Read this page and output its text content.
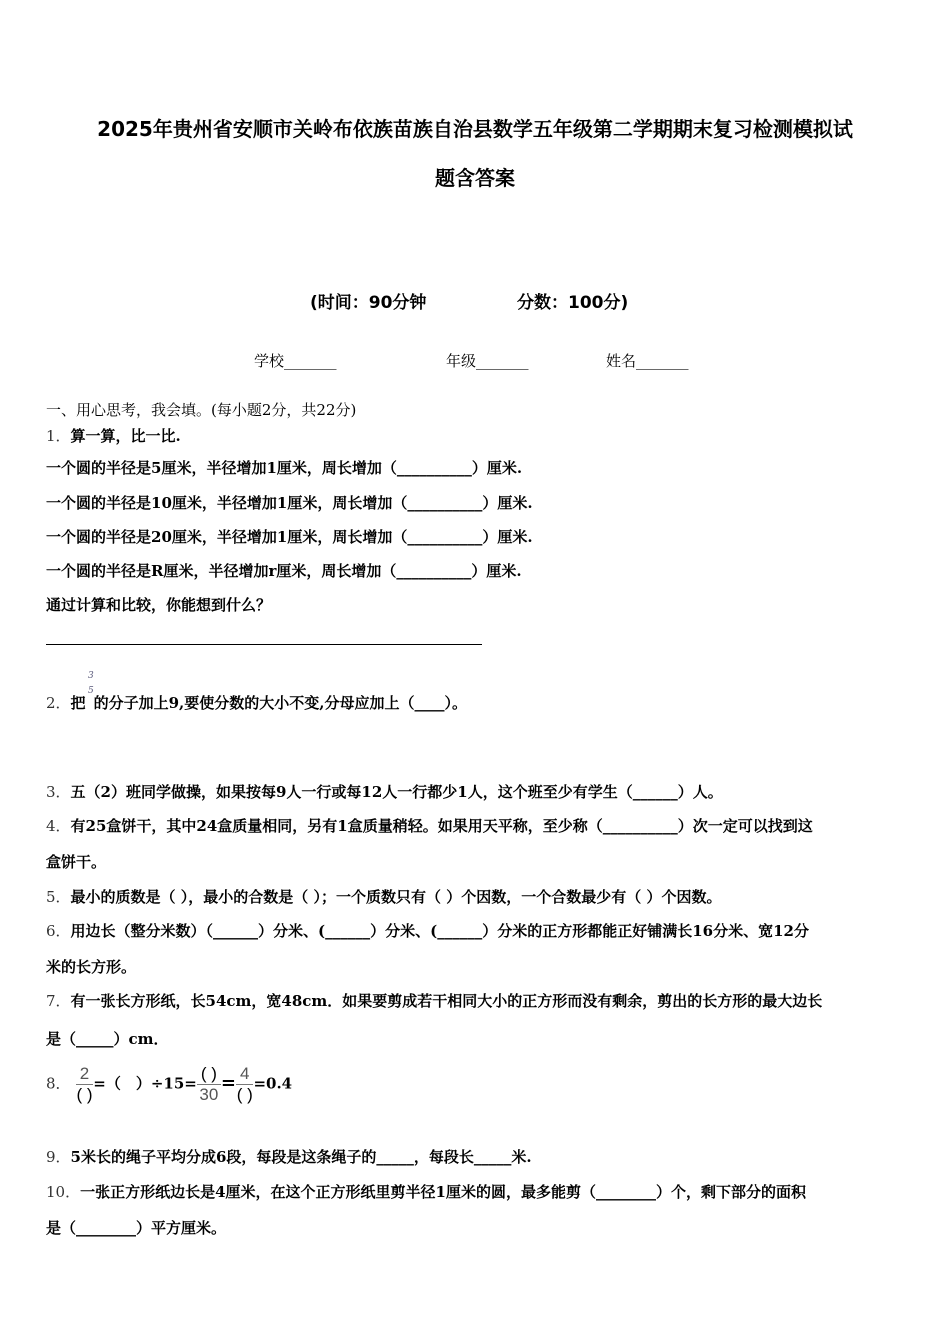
2025年贵州省安顺市关岭布依族苗族自治县数学五年级第二学期期末复习检测模拟试
题含答案
(时间：90分钟	分数：100分)
学校_______	年级_______	姓名_______
一、用心思考，我会填。(每小题2分，共22分)
1．算一算，比一比.
一个圆的半径是5厘米，半径增加1厘米，周长增加（__________）厘米.
一个圆的半径是10厘米，半径增加1厘米，周长增加（__________）厘米.
一个圆的半径是20厘米，半径增加1厘米，周长增加（__________）厘米.
一个圆的半径是R厘米，半径增加r厘米，周长增加（__________）厘米.
通过计算和比较，你能想到什么？
3
5
2．把 的分子加上9,要使分数的大小不变,分母应加上（____）。
3．五（2）班同学做操，如果按每9人一行或每12人一行都少1人，这个班至少有学生（______）人。
4．有25盒饼干，其中24盒质量相同，另有1盒质量稍轻。如果用天平称，至少称（__________）次一定可以找到这
盒饼干。
5．最小的质数是（ ），最小的合数是（ ）；一个质数只有（ ）个因数，一个合数最少有（ ）个因数。
6．用边长（整分米数）（______）分米、(______）分米、(______）分米的正方形都能正好铺满长16分米、宽12分
米的长方形。
7．有一张长方形纸，长54cm，宽48cm．如果要剪成若干相同大小的正方形而没有剩余，剪出的长方形的最大边长
是（_____）cm．
8． $\frac{2}{( )}$ =（　）$\div 15= \frac{( )}{30} = \frac{4}{( )} =0.4$
9．5米长的绳子平均分成6段，每段是这条绳子的_____，每段长_____米.
10．一张正方形纸边长是4厘米，在这个正方形纸里剪半径1厘米的圆，最多能剪（________）个，剩下部分的面积
是（________）平方厘米。
